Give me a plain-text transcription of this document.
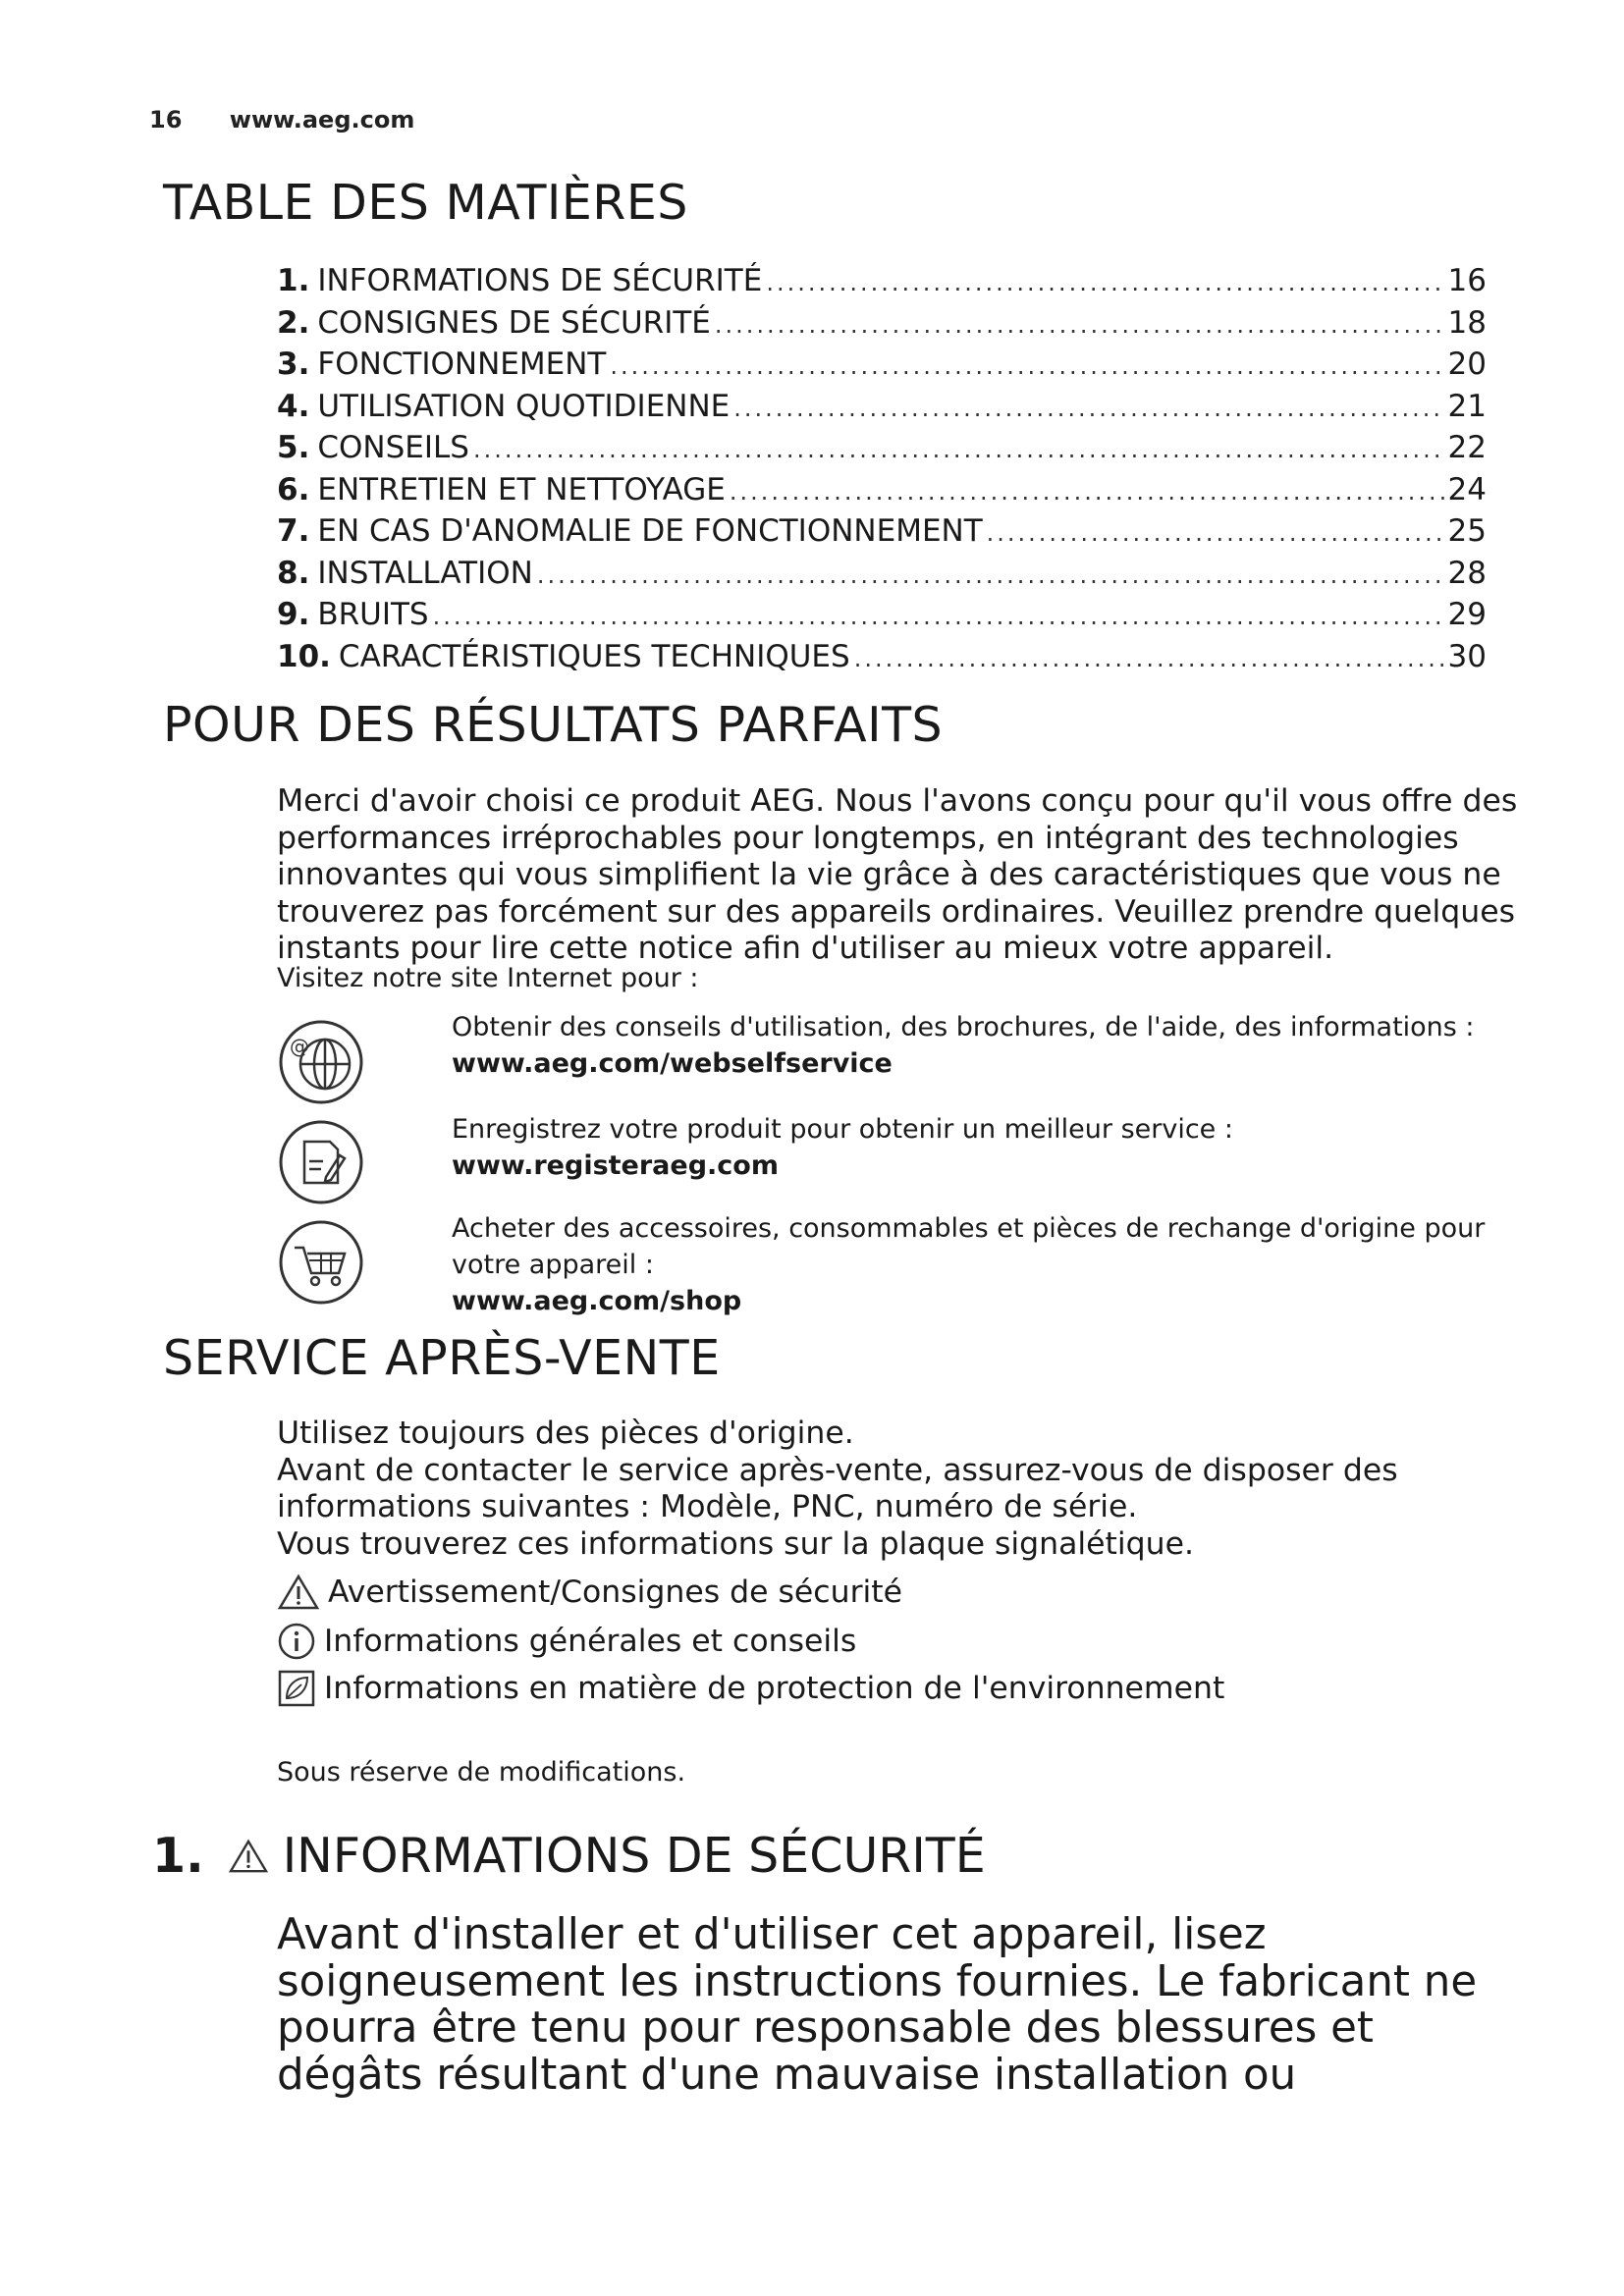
16 www.aeg.com
TABLE DES MATIÈRES
1. INFORMATIONS DE SÉCURITÉ .....	16
2. CONSIGNES DE SÉCURITÉ .....	18
3. FONCTIONNEMENT .....	20
4. UTILISATION QUOTIDIENNE .....	21
5. CONSEILS .....	22
6. ENTRETIEN ET NETTOYAGE .....	24
7. EN CAS D'ANOMALIE DE FONCTIONNEMENT .....	25
8. INSTALLATION .....	28
9. BRUITS .....	29
10. CARACTÉRISTIQUES TECHNIQUES .....	30
POUR DES RÉSULTATS PARFAITS
Merci d'avoir choisi ce produit AEG. Nous l'avons conçu pour qu'il vous offre des
performances irréprochables pour longtemps, en intégrant des technologies
innovantes qui vous simplifient la vie grâce à des caractéristiques que vous ne
trouverez pas forcément sur des appareils ordinaires. Veuillez prendre quelques
instants pour lire cette notice afin d'utiliser au mieux votre appareil.
Visitez notre site Internet pour :
@
Obtenir des conseils d'utilisation, des brochures, de l'aide, des informations :
www.aeg.com/webselfservice
Enregistrez votre produit pour obtenir un meilleur service :
www.registeraeg.com
Acheter des accessoires, consommables et pièces de rechange d'origine pour
votre appareil :
www.aeg.com/shop
SERVICE APRÈS-VENTE
Utilisez toujours des pièces d'origine.
Avant de contacter le service après-vente, assurez-vous de disposer des
informations suivantes : Modèle, PNC, numéro de série.
Vous trouverez ces informations sur la plaque signalétique.
Avertissement/Consignes de sécurité
Informations générales et conseils
Informations en matière de protection de l'environnement
Sous réserve de modifications.
1. INFORMATIONS DE SÉCURITÉ
Avant d'installer et d'utiliser cet appareil, lisez
soigneusement les instructions fournies. Le fabricant ne
pourra être tenu pour responsable des blessures et
dégâts résultant d'une mauvaise installation ou
